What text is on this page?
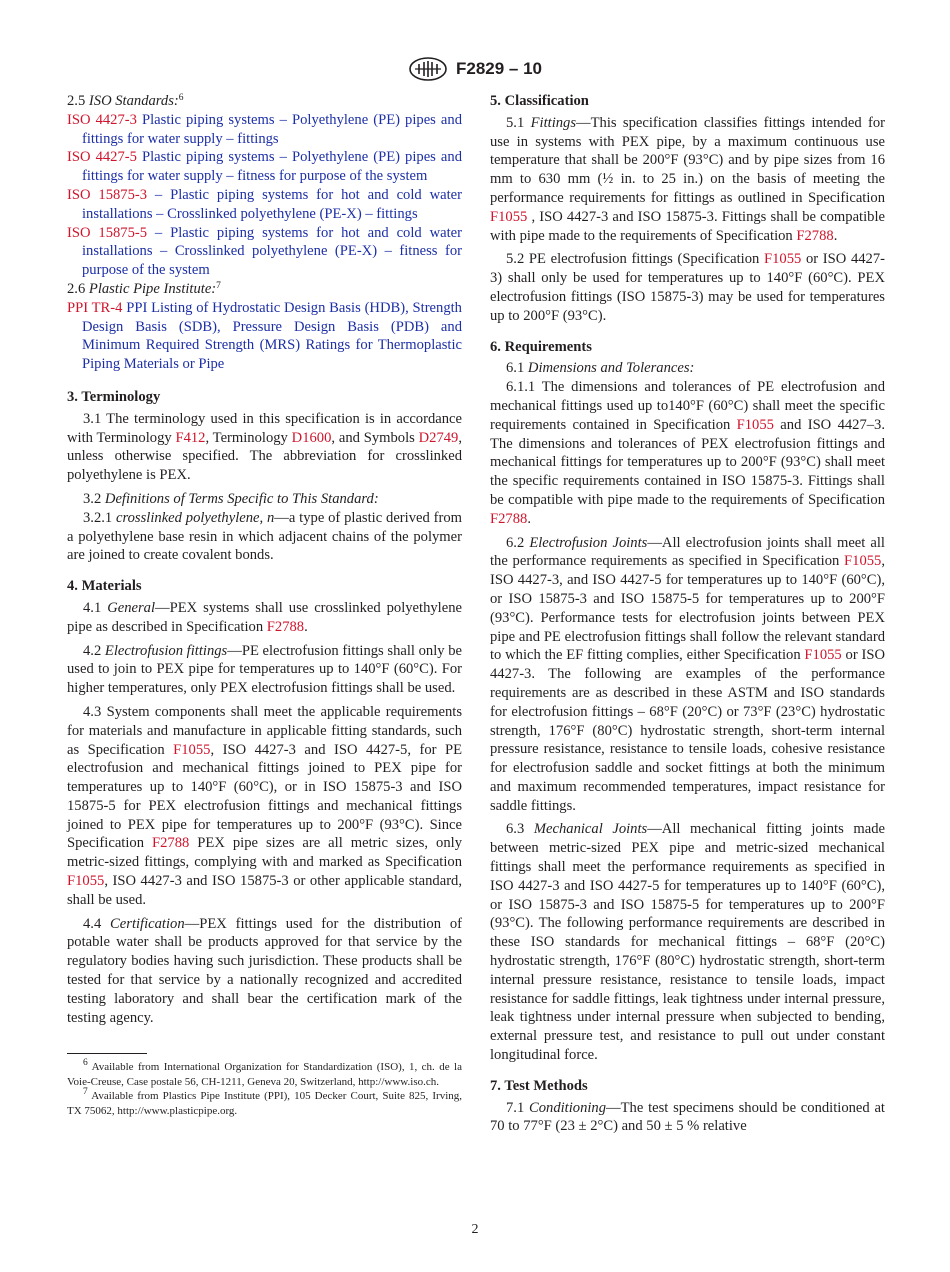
F2829 – 10

2.5 ISO Standards:$^6$

ISO 4427-3 Plastic piping systems – Polyethylene (PE) pipes and fittings for water supply – fittings

ISO 4427-5 Plastic piping systems – Polyethylene (PE) pipes and fittings for water supply – fitness for purpose of the system

ISO 15875-3 – Plastic piping systems for hot and cold water installations – Crosslinked polyethylene (PE-X) – fittings

ISO 15875-5 – Plastic piping systems for hot and cold water installations – Crosslinked polyethylene (PE-X) – fitness for purpose of the system

2.6 Plastic Pipe Institute:$^7$

PPI TR-4 PPI Listing of Hydrostatic Design Basis (HDB), Strength Design Basis (SDB), Pressure Design Basis (PDB) and Minimum Required Strength (MRS) Ratings for Thermoplastic Piping Materials or Pipe

3. Terminology

3.1 The terminology used in this specification is in accordance with Terminology F412, Terminology D1600, and Symbols D2749, unless otherwise specified. The abbreviation for crosslinked polyethylene is PEX.

3.2 Definitions of Terms Specific to This Standard:

3.2.1 crosslinked polyethylene, n—a type of plastic derived from a polyethylene base resin in which adjacent chains of the polymer are joined to create covalent bonds.

4. Materials

4.1 General—PEX systems shall use crosslinked polyethylene pipe as described in Specification F2788.

4.2 Electrofusion fittings—PE electrofusion fittings shall only be used to join to PEX pipe for temperatures up to 140°F (60°C). For higher temperatures, only PEX electrofusion fittings shall be used.

4.3 System components shall meet the applicable requirements for materials and manufacture in applicable fitting standards, such as Specification F1055, ISO 4427-3 and ISO 4427-5, for PE electrofusion and mechanical fittings joined to PEX pipe for temperatures up to 140°F (60°C), or in ISO 15875-3 and ISO 15875-5 for PEX electrofusion fittings and mechanical fittings joined to PEX pipe for temperatures up to 200°F (93°C). Since Specification F2788 PEX pipe sizes are all metric sizes, only metric-sized fittings, complying with and marked as Specification F1055, ISO 4427-3 and ISO 15875-3 or other applicable standard, shall be used.

4.4 Certification—PEX fittings used for the distribution of potable water shall be products approved for that service by the regulatory bodies having such jurisdiction. These products shall be tested for that service by a nationally recognized and accredited testing laboratory and shall bear the certification mark of the testing agency.

$^6$ Available from International Organization for Standardization (ISO), 1, ch. de la Voie-Creuse, Case postale 56, CH-1211, Geneva 20, Switzerland, http://www.iso.ch.

$^7$ Available from Plastics Pipe Institute (PPI), 105 Decker Court, Suite 825, Irving, TX 75062, http://www.plasticpipe.org.

5. Classification

5.1 Fittings—This specification classifies fittings intended for use in systems with PEX pipe, by a maximum continuous use temperature that shall be 200°F (93°C) and by pipe sizes from 16 mm to 630 mm (½ in. to 25 in.) on the basis of meeting the performance requirements for fittings as outlined in Specification F1055 , ISO 4427-3 and ISO 15875-3. Fittings shall be compatible with pipe made to the requirements of Specification F2788.

5.2 PE electrofusion fittings (Specification F1055 or ISO 4427-3) shall only be used for temperatures up to 140°F (60°C). PEX electrofusion fittings (ISO 15875-3) may be used for temperatures up to 200°F (93°C).

6. Requirements

6.1 Dimensions and Tolerances:

6.1.1 The dimensions and tolerances of PE electrofusion and mechanical fittings used up to140°F (60°C) shall meet the specific requirements contained in Specification F1055 and ISO 4427–3. The dimensions and tolerances of PEX electrofusion fittings and mechanical fittings for temperatures up to 200°F (93°C) shall meet the specific requirements contained in ISO 15875-3. Fittings shall be compatible with pipe made to the requirements of Specification F2788.

6.2 Electrofusion Joints—All electrofusion joints shall meet all the performance requirements as specified in Specification F1055, ISO 4427-3, and ISO 4427-5 for temperatures up to 140°F (60°C), or ISO 15875-3 and ISO 15875-5 for temperatures up to 200°F (93°C). Performance tests for electrofusion joints between PEX pipe and PE electrofusion fittings shall follow the relevant standard to which the EF fitting complies, either Specification F1055 or ISO 4427-3. The following are examples of the performance requirements are as described in these ASTM and ISO standards for electrofusion fittings – 68°F (20°C) or 73°F (23°C) hydrostatic strength, 176°F (80°C) hydrostatic strength, short-term internal pressure resistance, resistance to tensile loads, cohesive resistance for electrofusion saddle and socket fittings at both the minimum and maximum recommended temperatures, impact resistance for saddle fittings.

6.3 Mechanical Joints—All mechanical fitting joints made between metric-sized PEX pipe and metric-sized mechanical fittings shall meet the performance requirements as specified in ISO 4427-3 and ISO 4427-5 for temperatures up to 140°F (60°C), or ISO 15875-3 and ISO 15875-5 for temperatures up to 200°F (93°C). The following performance requirements are described in these ISO standards for mechanical fittings – 68°F (20°C) hydrostatic strength, 176°F (80°C) hydrostatic strength, short-term internal pressure resistance, resistance to tensile loads, impact resistance for saddle fittings, leak tightness under internal pressure, leak tightness under internal pressure when subjected to bending, external pressure test, and resistance to pull out under constant longitudinal force.

7. Test Methods

7.1 Conditioning—The test specimens should be conditioned at 70 to 77°F (23 ± 2°C) and 50 ± 5 % relative

2
